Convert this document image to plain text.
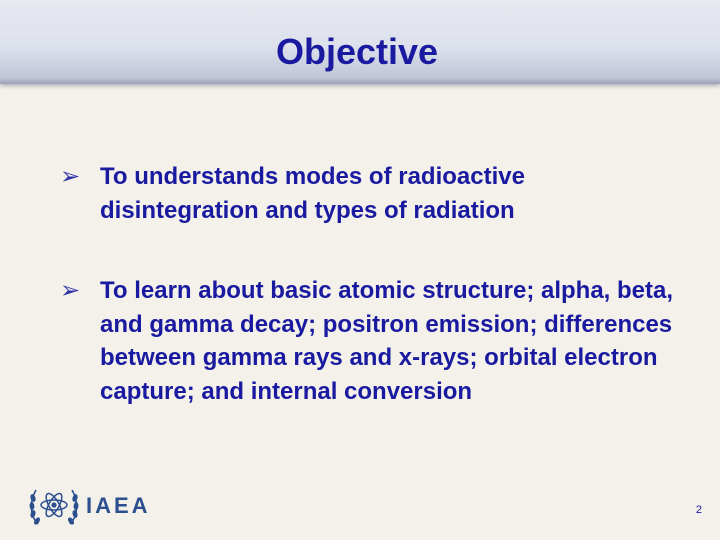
Objective
➢ To understands modes of radioactive disintegration and types of radiation

➢ To learn about basic atomic structure; alpha, beta, and gamma decay; positron emission; differences between gamma rays and x-rays; orbital electron capture; and internal conversion

IAEA	2
